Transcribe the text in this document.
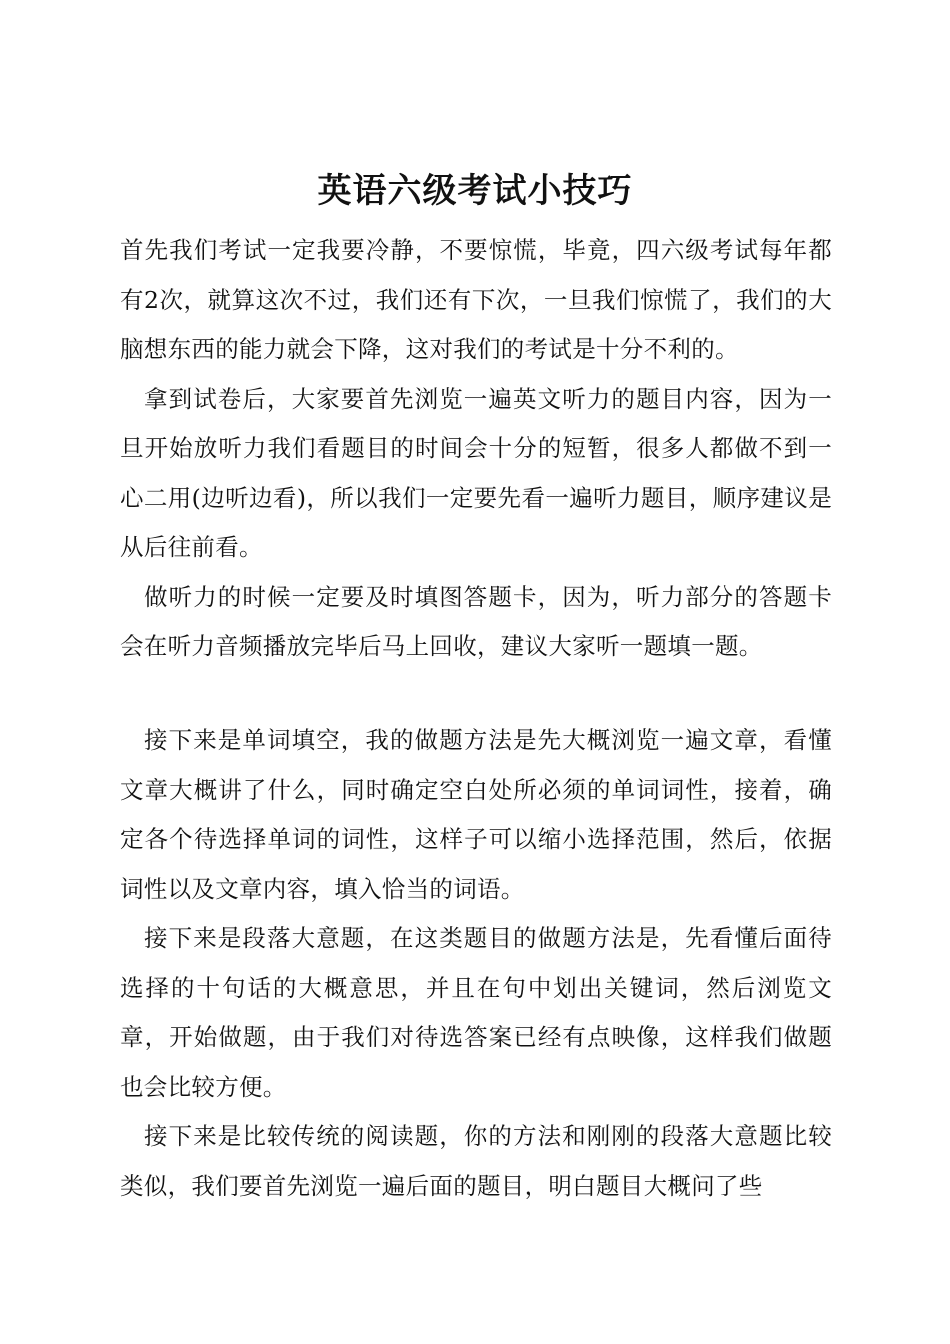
英语六级考试小技巧

首先我们考试一定我要冷静，不要惊慌，毕竟，四六级考试每年都有2次，就算这次不过，我们还有下次，一旦我们惊慌了，我们的大脑想东西的能力就会下降，这对我们的考试是十分不利的。

拿到试卷后，大家要首先浏览一遍英文听力的题目内容，因为一旦开始放听力我们看题目的时间会十分的短暂，很多人都做不到一心二用(边听边看)，所以我们一定要先看一遍听力题目，顺序建议是从后往前看。

做听力的时候一定要及时填图答题卡，因为，听力部分的答题卡会在听力音频播放完毕后马上回收，建议大家听一题填一题。

接下来是单词填空，我的做题方法是先大概浏览一遍文章，看懂文章大概讲了什么，同时确定空白处所必须的单词词性，接着，确定各个待选择单词的词性，这样子可以缩小选择范围，然后，依据词性以及文章内容，填入恰当的词语。

接下来是段落大意题，在这类题目的做题方法是，先看懂后面待选择的十句话的大概意思，并且在句中划出关键词，然后浏览文章，开始做题，由于我们对待选答案已经有点映像，这样我们做题也会比较方便。

接下来是比较传统的阅读题，你的方法和刚刚的段落大意题比较类似，我们要首先浏览一遍后面的题目，明白题目大概问了些
